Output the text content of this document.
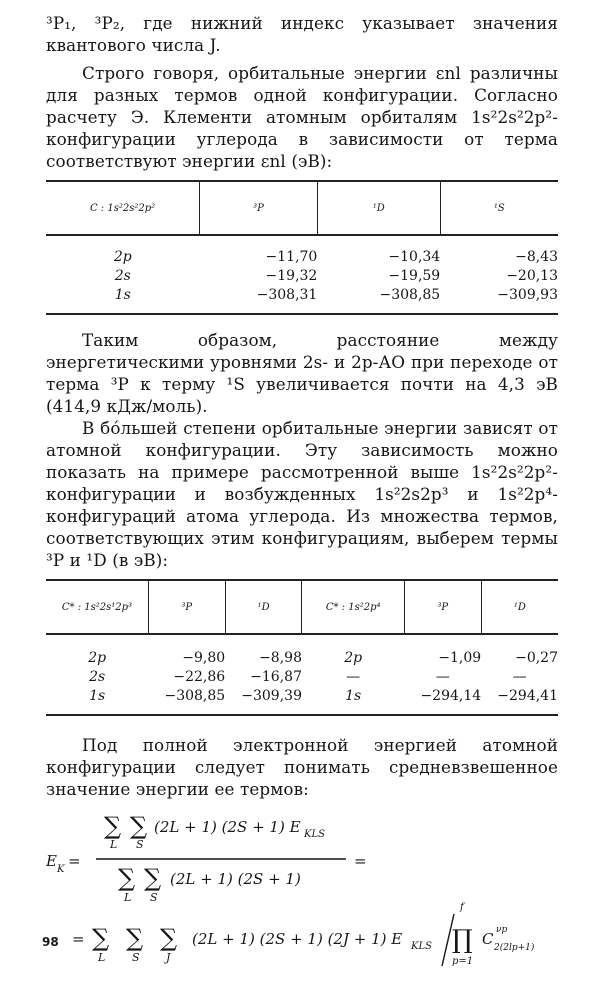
³P₁, ³P₂, где нижний индекс указывает значения квантового числа J.

Строго говоря, орбитальные энергии εnl различны для разных термов одной конфигурации. Согласно расчету Э. Клементи атомным орбиталям 1s²2s²2p²-конфигурации углерода в зависимости от терма соответствуют энергии εnl (эВ):

C : 1s²2s²2p²	³P	¹D	¹S

2p	−11,70	−10,34	−8,43
2s	−19,32	−19,59	−20,13
1s	−308,31	−308,85	−309,93

Таким образом, расстояние между энергетическими уровнями 2s- и 2p-АО при переходе от терма ³P к терму ¹S увеличивается почти на 4,3 эВ (414,9 кДж/моль).

В бо́льшей степени орбитальные энергии зависят от атомной конфигурации. Эту зависимость можно показать на примере рассмотренной выше 1s²2s²2p²-конфигурации и возбужденных 1s²2s2p³ и 1s²2p⁴-конфигураций атома углерода. Из множества термов, соответствующих этим конфигурациям, выберем термы ³P и ¹D (в эВ):

C* : 1s²2s¹2p³	³P	¹D	C* : 1s²2p⁴	³P	¹D

2p	−9,80	−8,98	2p	−1,09	−0,27
2s	−22,86	−16,87	—	—	—
1s	−308,85	−309,39	1s	−294,14	−294,41

Под полной электронной энергией атомной конфигурации следует понимать средневзвешенное значение энергии ее термов:

E K =
∑
L
∑
S
(2L + 1) (2S + 1) E KLS
=
∑
L
∑
S
(2L + 1) (2S + 1)
= ∑
L
∑
S
∑
J
(2L + 1) (2S + 1) (2J + 1) E KLS
f
∏
p=1
C νp
2(2lp+1)
98
